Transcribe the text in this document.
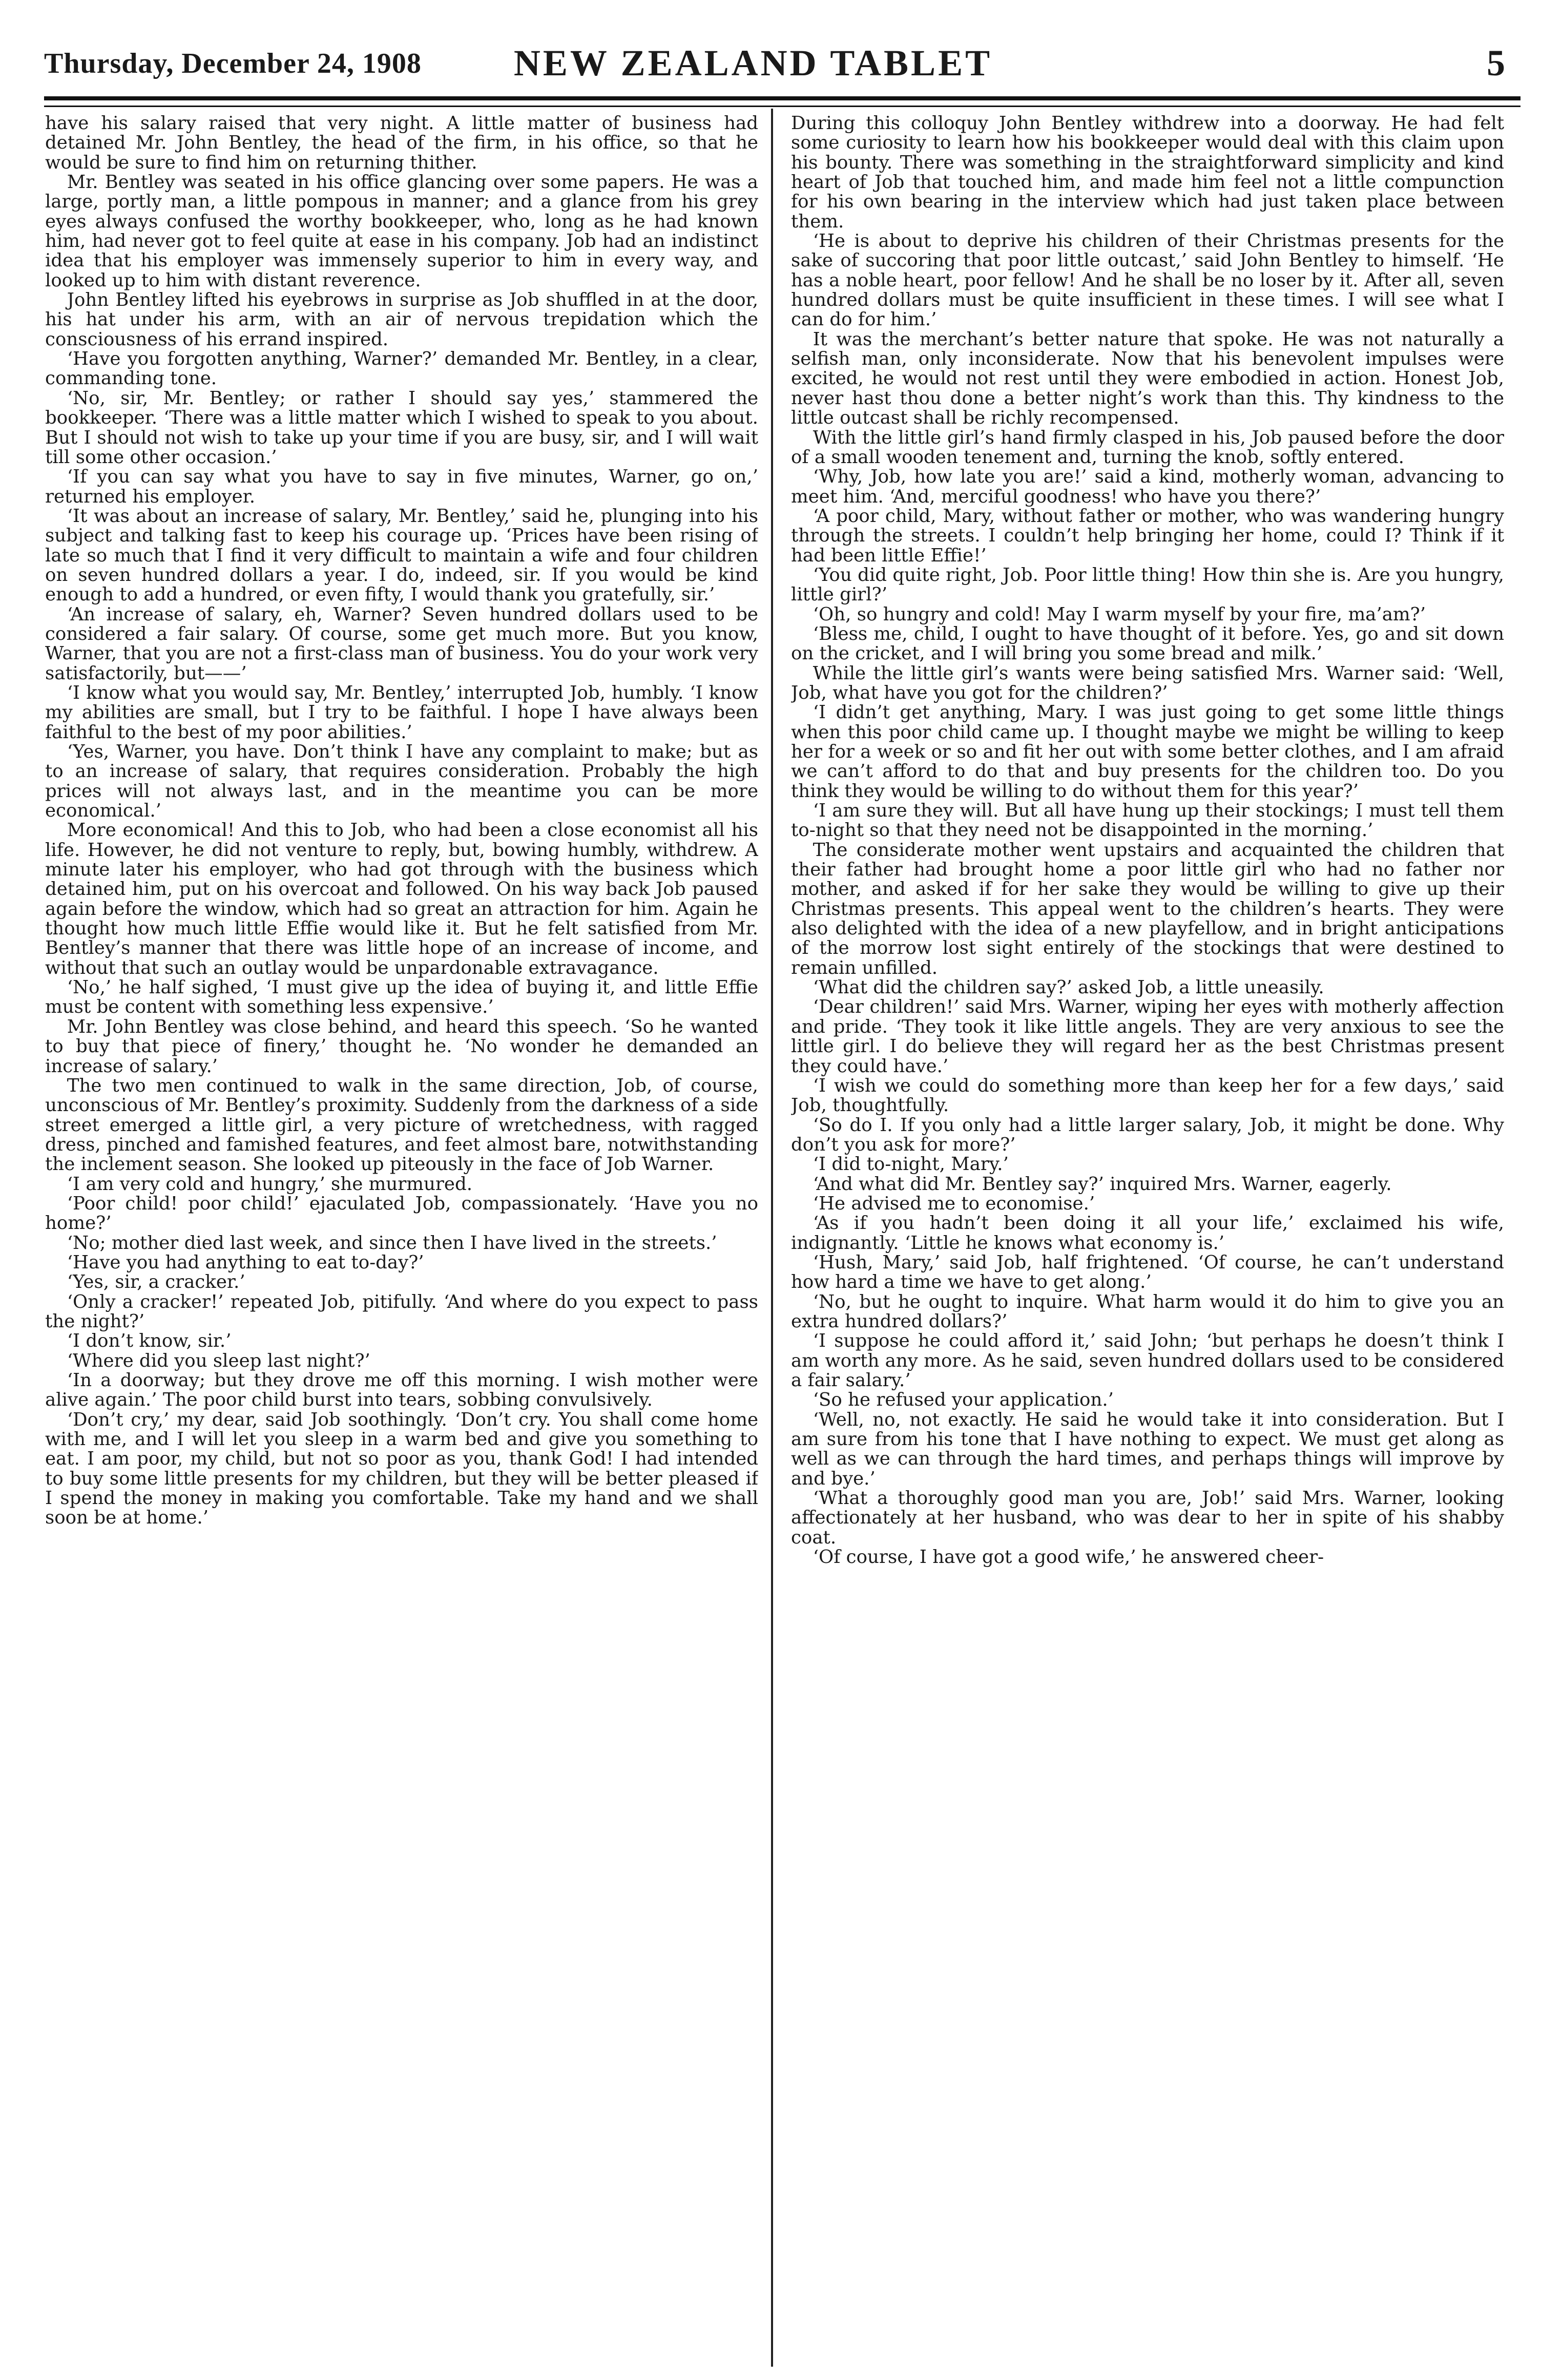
Thursday, December 24, 1908	NEW ZEALAND TABLET	5

have his salary raised that very night. A little matter of business had detained Mr. John Bentley, the head of the firm, in his office, so that he would be sure to find him on returning thither.

Mr. Bentley was seated in his office glancing over some papers. He was a large, portly man, a little pompous in manner; and a glance from his grey eyes always confused the worthy bookkeeper, who, long as he had known him, had never got to feel quite at ease in his company. Job had an indistinct idea that his employer was immensely superior to him in every way, and looked up to him with distant reverence.

John Bentley lifted his eyebrows in surprise as Job shuffled in at the door, his hat under his arm, with an air of nervous trepidation which the consciousness of his errand inspired.

‘Have you forgotten anything, Warner?’ demanded Mr. Bentley, in a clear, commanding tone.

‘No, sir, Mr. Bentley; or rather I should say yes,’ stammered the bookkeeper. ‘There was a little matter which I wished to speak to you about. But I should not wish to take up your time if you are busy, sir, and I will wait till some other occasion.’

‘If you can say what you have to say in five minutes, Warner, go on,’ returned his employer.

‘It was about an increase of salary, Mr. Bentley,’ said he, plunging into his subject and talking fast to keep his courage up. ‘Prices have been rising of late so much that I find it very difficult to maintain a wife and four children on seven hundred dollars a year. I do, indeed, sir. If you would be kind enough to add a hundred, or even fifty, I would thank you gratefully, sir.’

‘An increase of salary, eh, Warner? Seven hundred dollars used to be considered a fair salary. Of course, some get much more. But you know, Warner, that you are not a first-class man of business. You do your work very satisfactorily, but——’

‘I know what you would say, Mr. Bentley,’ interrupted Job, humbly. ‘I know my abilities are small, but I try to be faithful. I hope I have always been faithful to the best of my poor abilities.’

‘Yes, Warner, you have. Don’t think I have any complaint to make; but as to an increase of salary, that requires consideration. Probably the high prices will not always last, and in the meantime you can be more economical.’

More economical! And this to Job, who had been a close economist all his life. However, he did not venture to reply, but, bowing humbly, withdrew. A minute later his employer, who had got through with the business which detained him, put on his overcoat and followed. On his way back Job paused again before the window, which had so great an attraction for him. Again he thought how much little Effie would like it. But he felt satisfied from Mr. Bentley’s manner that there was little hope of an increase of income, and without that such an outlay would be unpardonable extravagance.

‘No,’ he half sighed, ‘I must give up the idea of buying it, and little Effie must be content with something less expensive.’

Mr. John Bentley was close behind, and heard this speech. ‘So he wanted to buy that piece of finery,’ thought he. ‘No wonder he demanded an increase of salary.’

The two men continued to walk in the same direction, Job, of course, unconscious of Mr. Bentley’s proximity. Suddenly from the darkness of a side street emerged a little girl, a very picture of wretchedness, with ragged dress, pinched and famished features, and feet almost bare, notwithstanding the inclement season. She looked up piteously in the face of Job Warner.

‘I am very cold and hungry,’ she murmured.

‘Poor child! poor child!’ ejaculated Job, compassionately. ‘Have you no home?’

‘No; mother died last week, and since then I have lived in the streets.’

‘Have you had anything to eat to-day?’

‘Yes, sir, a cracker.’

‘Only a cracker!’ repeated Job, pitifully. ‘And where do you expect to pass the night?’

‘I don’t know, sir.’

‘Where did you sleep last night?’

‘In a doorway; but they drove me off this morning. I wish mother were alive again.’ The poor child burst into tears, sobbing convulsively.

‘Don’t cry,’ my dear, said Job soothingly. ‘Don’t cry. You shall come home with me, and I will let you sleep in a warm bed and give you something to eat. I am poor, my child, but not so poor as you, thank God! I had intended to buy some little presents for my children, but they will be better pleased if I spend the money in making you comfortable. Take my hand and we shall soon be at home.’

During this colloquy John Bentley withdrew into a doorway. He had felt some curiosity to learn how his bookkeeper would deal with this claim upon his bounty. There was something in the straightforward simplicity and kind heart of Job that touched him, and made him feel not a little compunction for his own bearing in the interview which had just taken place between them.

‘He is about to deprive his children of their Christmas presents for the sake of succoring that poor little outcast,’ said John Bentley to himself. ‘He has a noble heart, poor fellow! And he shall be no loser by it. After all, seven hundred dollars must be quite insufficient in these times. I will see what I can do for him.’

It was the merchant’s better nature that spoke. He was not naturally a selfish man, only inconsiderate. Now that his benevolent impulses were excited, he would not rest until they were embodied in action. Honest Job, never hast thou done a better night’s work than this. Thy kindness to the little outcast shall be richly recompensed.

With the little girl’s hand firmly clasped in his, Job paused before the door of a small wooden tenement and, turning the knob, softly entered.

‘Why, Job, how late you are!’ said a kind, motherly woman, advancing to meet him. ‘And, merciful goodness! who have you there?’

‘A poor child, Mary, without father or mother, who was wandering hungry through the streets. I couldn’t help bringing her home, could I? Think if it had been little Effie!’

‘You did quite right, Job. Poor little thing! How thin she is. Are you hungry, little girl?’

‘Oh, so hungry and cold! May I warm myself by your fire, ma’am?’

‘Bless me, child, I ought to have thought of it before. Yes, go and sit down on the cricket, and I will bring you some bread and milk.’

While the little girl’s wants were being satisfied Mrs. Warner said: ‘Well, Job, what have you got for the children?’

‘I didn’t get anything, Mary. I was just going to get some little things when this poor child came up. I thought maybe we might be willing to keep her for a week or so and fit her out with some better clothes, and I am afraid we can’t afford to do that and buy presents for the children too. Do you think they would be willing to do without them for this year?’

‘I am sure they will. But all have hung up their stockings; I must tell them to-night so that they need not be disappointed in the morning.’

The considerate mother went upstairs and acquainted the children that their father had brought home a poor little girl who had no father nor mother, and asked if for her sake they would be willing to give up their Christmas presents. This appeal went to the children’s hearts. They were also delighted with the idea of a new playfellow, and in bright anticipations of the morrow lost sight entirely of the stockings that were destined to remain unfilled.

‘What did the children say?’ asked Job, a little uneasily.

‘Dear children!’ said Mrs. Warner, wiping her eyes with motherly affection and pride. ‘They took it like little angels. They are very anxious to see the little girl. I do believe they will regard her as the best Christmas present they could have.’

‘I wish we could do something more than keep her for a few days,’ said Job, thoughtfully.

‘So do I. If you only had a little larger salary, Job, it might be done. Why don’t you ask for more?’

‘I did to-night, Mary.’

‘And what did Mr. Bentley say?’ inquired Mrs. Warner, eagerly.

‘He advised me to economise.’

‘As if you hadn’t been doing it all your life,’ exclaimed his wife, indignantly. ‘Little he knows what economy is.’

‘Hush, Mary,’ said Job, half frightened. ‘Of course, he can’t understand how hard a time we have to get along.’

‘No, but he ought to inquire. What harm would it do him to give you an extra hundred dollars?’

‘I suppose he could afford it,’ said John; ‘but perhaps he doesn’t think I am worth any more. As he said, seven hundred dollars used to be considered a fair salary.’

‘So he refused your application.’

‘Well, no, not exactly. He said he would take it into consideration. But I am sure from his tone that I have nothing to expect. We must get along as well as we can through the hard times, and perhaps things will improve by and bye.’

‘What a thoroughly good man you are, Job!’ said Mrs. Warner, looking affectionately at her husband, who was dear to her in spite of his shabby coat.

‘Of course, I have got a good wife,’ he answered cheer-
